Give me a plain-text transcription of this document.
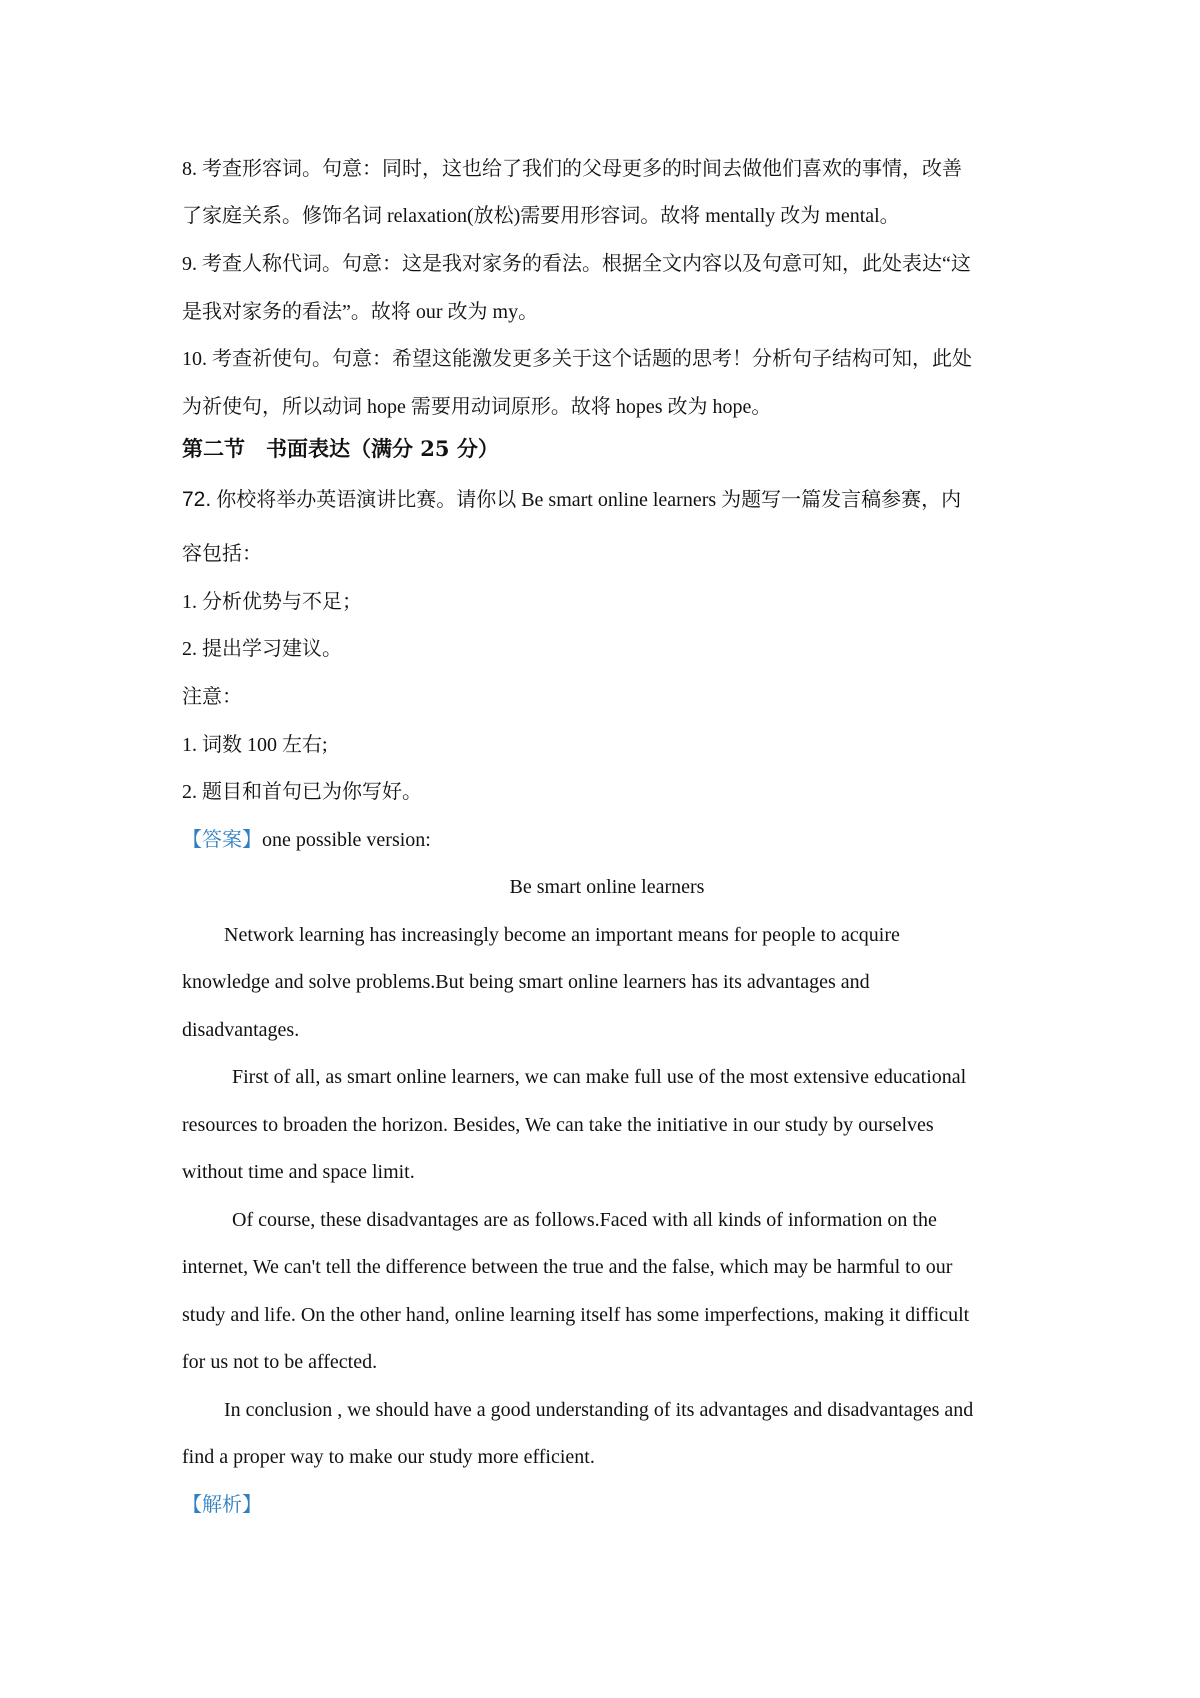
8. 考查形容词。句意：同时，这也给了我们的父母更多的时间去做他们喜欢的事情，改善
了家庭关系。修饰名词 relaxation(放松)需要用形容词。故将 mentally 改为 mental。
9. 考查人称代词。句意：这是我对家务的看法。根据全文内容以及句意可知，此处表达“这
是我对家务的看法”。故将 our 改为 my。
10. 考查祈使句。句意：希望这能激发更多关于这个话题的思考！分析句子结构可知，此处
为祈使句，所以动词 hope 需要用动词原形。故将 hopes 改为 hope。
第二节　书面表达（满分 25 分）
72. 你校将举办英语演讲比赛。请你以 Be smart online learners 为题写一篇发言稿参赛，内
容包括：
1. 分析优势与不足；
2. 提出学习建议。
注意：
1. 词数 100 左右;
2. 题目和首句已为你写好。
【答案】one possible version:
Be smart online learners
Network learning has increasingly become an important means for people to acquire
knowledge and solve problems.But being smart online learners has its advantages and
disadvantages.
First of all, as smart online learners, we can make full use of the most extensive educational
resources to broaden the horizon. Besides, We can take the initiative in our study by ourselves
without time and space limit.
Of course, these disadvantages are as follows.Faced with all kinds of information on the
internet, We can't tell the difference between the true and the false, which may be harmful to our
study and life. On the other hand, online learning itself has some imperfections, making it difficult
for us not to be affected.
In conclusion , we should have a good understanding of its advantages and disadvantages and
find a proper way to make our study more efficient.
【解析】
